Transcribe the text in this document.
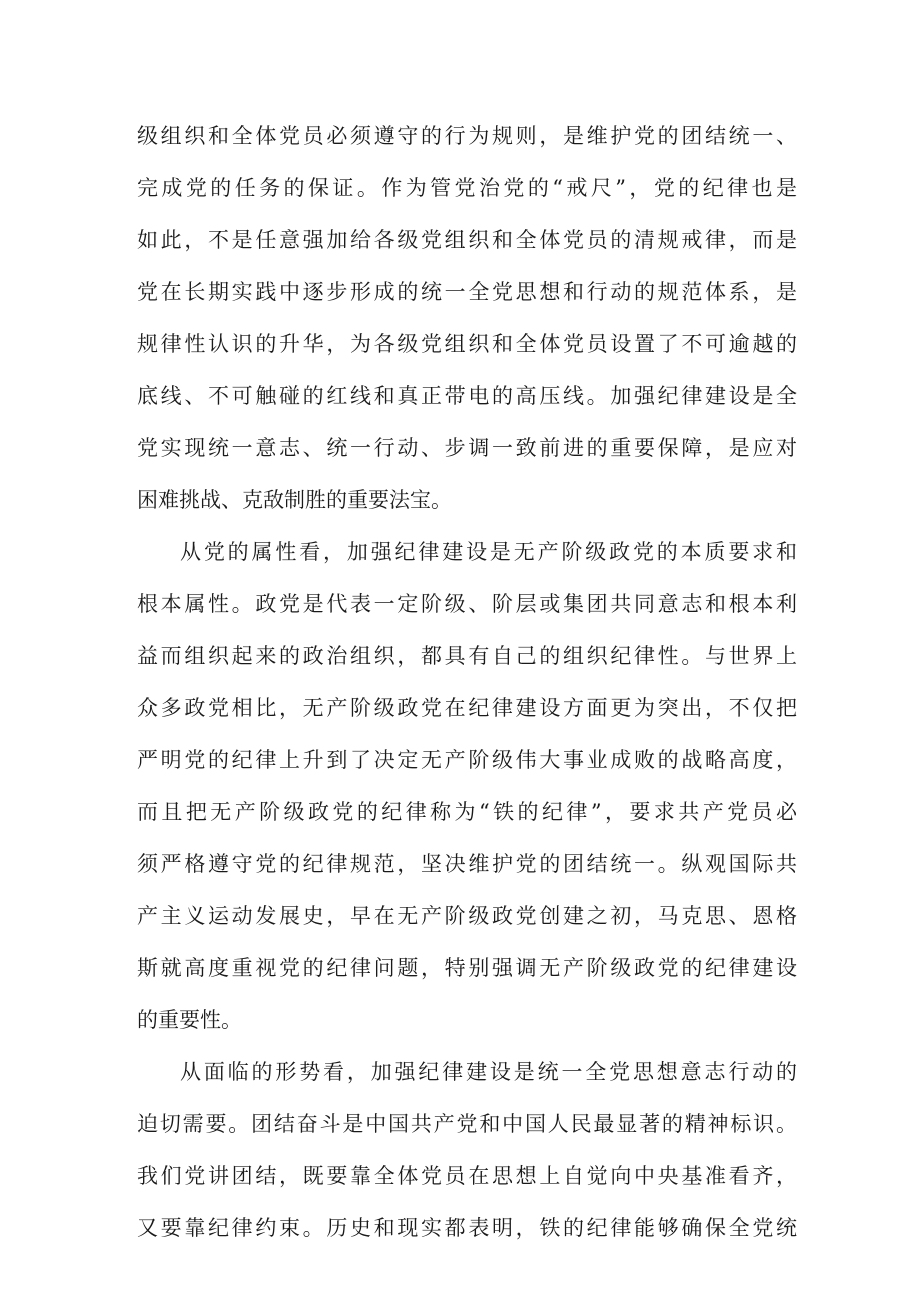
级组织和全体党员必须遵守的行为规则，是维护党的团结统一、
完成党的任务的保证。作为管党治党的“戒尺”，党的纪律也是
如此，不是任意强加给各级党组织和全体党员的清规戒律，而是
党在长期实践中逐步形成的统一全党思想和行动的规范体系，是
规律性认识的升华，为各级党组织和全体党员设置了不可逾越的
底线、不可触碰的红线和真正带电的高压线。加强纪律建设是全
党实现统一意志、统一行动、步调一致前进的重要保障，是应对
困难挑战、克敌制胜的重要法宝。
从党的属性看，加强纪律建设是无产阶级政党的本质要求和
根本属性。政党是代表一定阶级、阶层或集团共同意志和根本利
益而组织起来的政治组织，都具有自己的组织纪律性。与世界上
众多政党相比，无产阶级政党在纪律建设方面更为突出，不仅把
严明党的纪律上升到了决定无产阶级伟大事业成败的战略高度，
而且把无产阶级政党的纪律称为“铁的纪律”，要求共产党员必
须严格遵守党的纪律规范，坚决维护党的团结统一。纵观国际共
产主义运动发展史，早在无产阶级政党创建之初，马克思、恩格
斯就高度重视党的纪律问题，特别强调无产阶级政党的纪律建设
的重要性。
从面临的形势看，加强纪律建设是统一全党思想意志行动的
迫切需要。团结奋斗是中国共产党和中国人民最显著的精神标识。
我们党讲团结，既要靠全体党员在思想上自觉向中央基准看齐，
又要靠纪律约束。历史和现实都表明，铁的纪律能够确保全党统
